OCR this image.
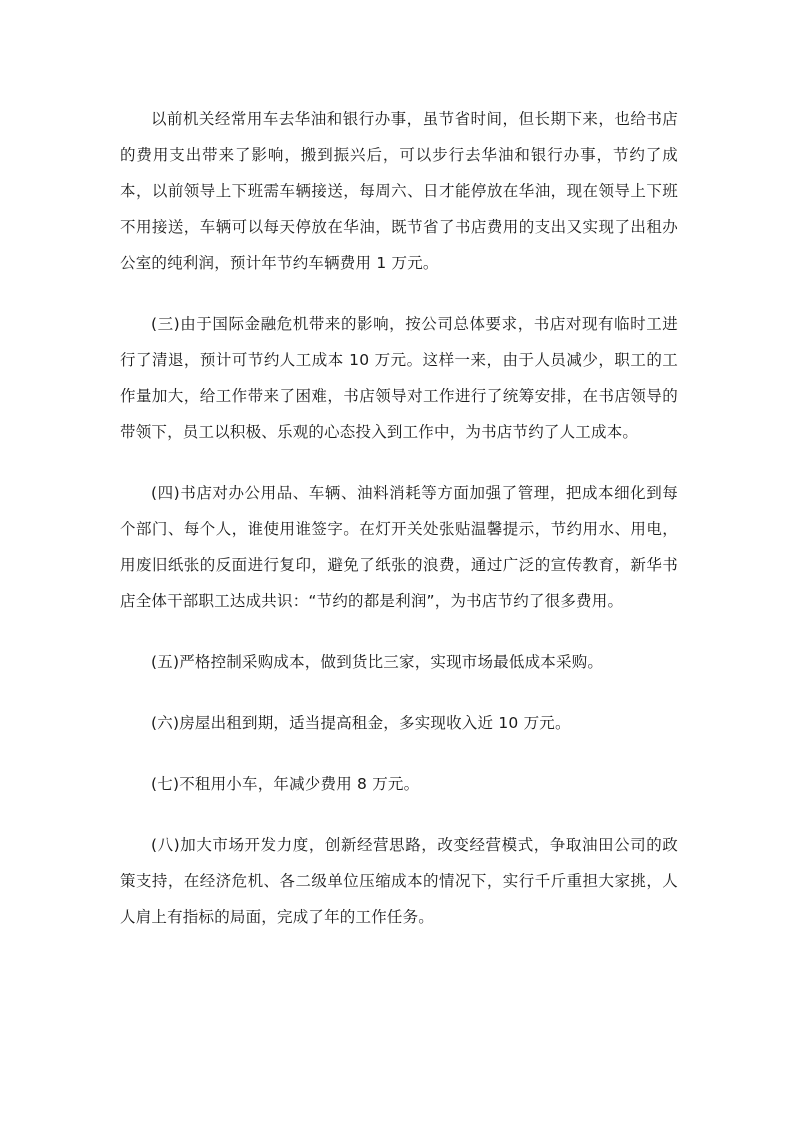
以前机关经常用车去华油和银行办事，虽节省时间，但长期下来，也给书店的费用支出带来了影响，搬到振兴后，可以步行去华油和银行办事，节约了成本，以前领导上下班需车辆接送，每周六、日才能停放在华油，现在领导上下班不用接送，车辆可以每天停放在华油，既节省了书店费用的支出又实现了出租办公室的纯利润，预计年节约车辆费用 1 万元。

(三)由于国际金融危机带来的影响，按公司总体要求，书店对现有临时工进行了清退，预计可节约人工成本 10 万元。这样一来，由于人员减少，职工的工作量加大，给工作带来了困难，书店领导对工作进行了统筹安排，在书店领导的带领下，员工以积极、乐观的心态投入到工作中，为书店节约了人工成本。

(四)书店对办公用品、车辆、油料消耗等方面加强了管理，把成本细化到每个部门、每个人，谁使用谁签字。在灯开关处张贴温馨提示，节约用水、用电，用废旧纸张的反面进行复印，避免了纸张的浪费，通过广泛的宣传教育，新华书店全体干部职工达成共识：“节约的都是利润”，为书店节约了很多费用。

(五)严格控制采购成本，做到货比三家，实现市场最低成本采购。

(六)房屋出租到期，适当提高租金，多实现收入近 10 万元。

(七)不租用小车，年减少费用 8 万元。

(八)加大市场开发力度，创新经营思路，改变经营模式，争取油田公司的政策支持，在经济危机、各二级单位压缩成本的情况下，实行千斤重担大家挑，人人肩上有指标的局面，完成了年的工作任务。
